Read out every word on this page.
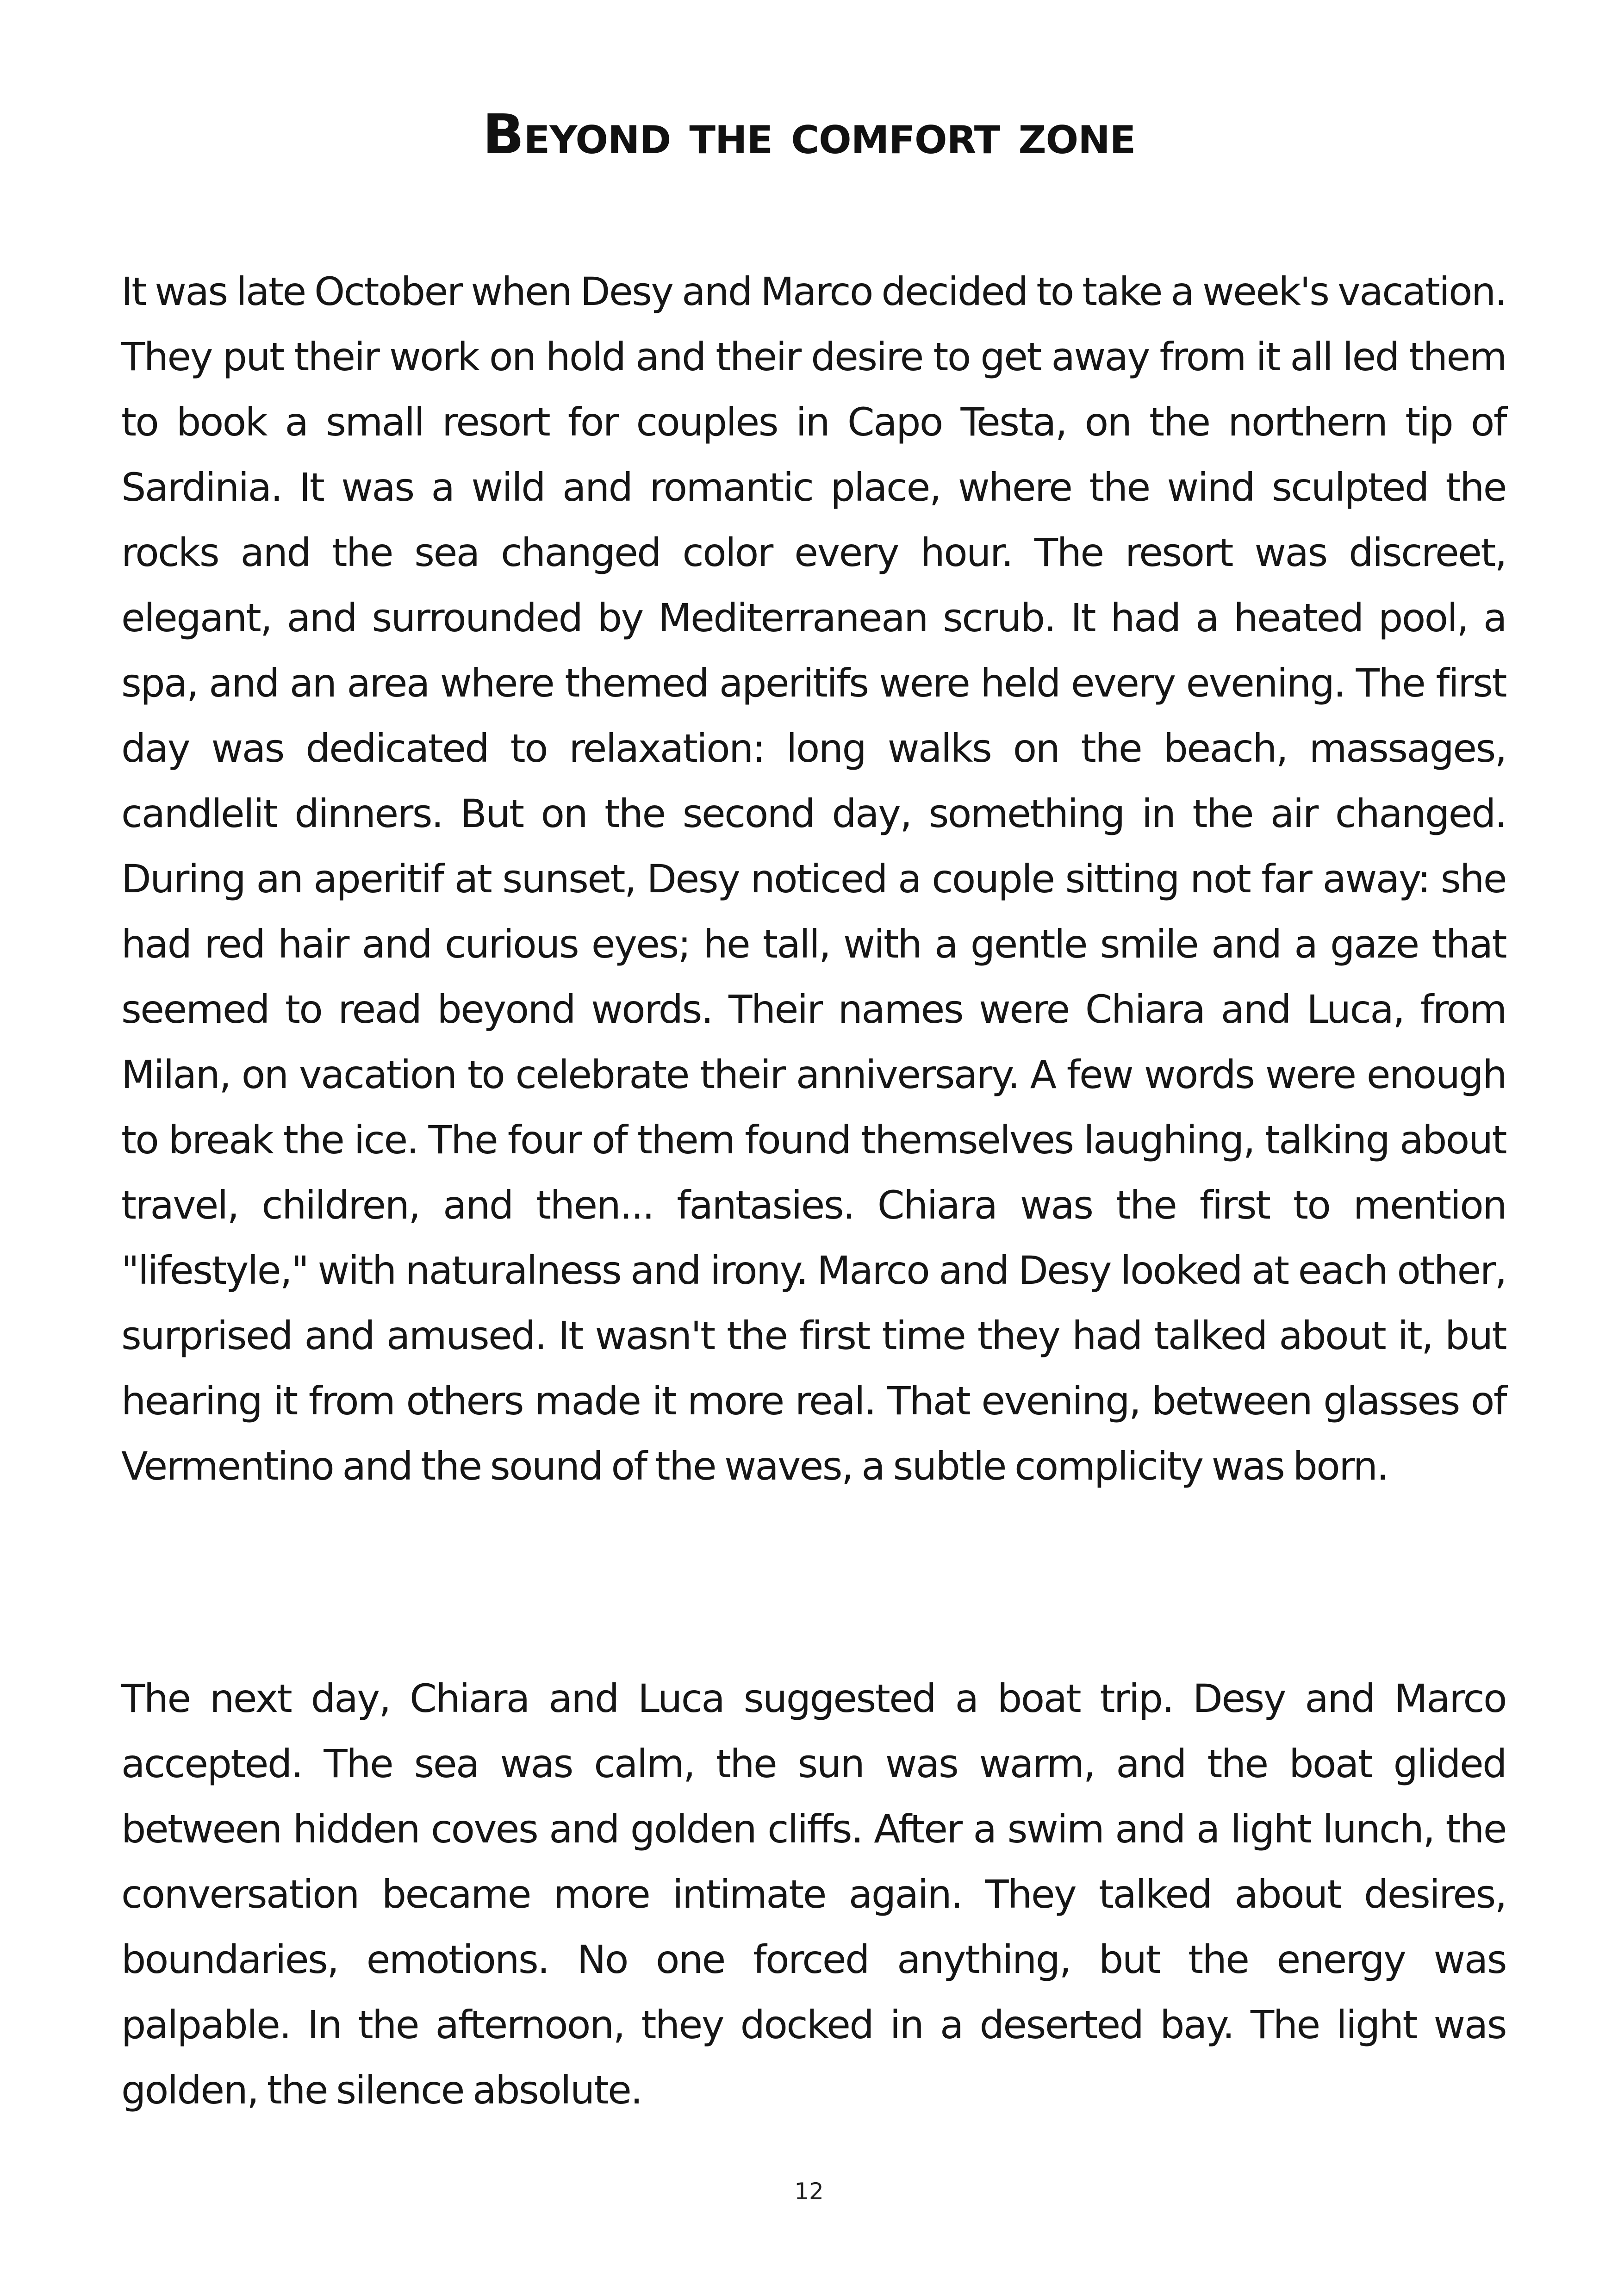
Beyond the comfort zone

It was late October when Desy and Marco decided to take a week's vacation. They put their work on hold and their desire to get away from it all led them to book a small resort for couples in Capo Testa, on the northern tip of Sardinia. It was a wild and romantic place, where the wind sculpted the rocks and the sea changed color every hour. The resort was discreet, elegant, and surrounded by Mediterranean scrub. It had a heated pool, a spa, and an area where themed aperitifs were held every evening. The first day was dedicated to relaxation: long walks on the beach, massages, candlelit dinners. But on the second day, something in the air changed. During an aperitif at sunset, Desy noticed a couple sitting not far away: she had red hair and curious eyes; he tall, with a gentle smile and a gaze that seemed to read beyond words. Their names were Chiara and Luca, from Milan, on vacation to celebrate their anniversary. A few words were enough to break the ice. The four of them found themselves laughing, talking about travel, children, and then... fantasies. Chiara was the first to mention "lifestyle," with naturalness and irony. Marco and Desy looked at each other, surprised and amused. It wasn't the first time they had talked about it, but hearing it from others made it more real. That evening, between glasses of Vermentino and the sound of the waves, a subtle complicity was born.

The next day, Chiara and Luca suggested a boat trip. Desy and Marco accepted. The sea was calm, the sun was warm, and the boat glided between hidden coves and golden cliffs. After a swim and a light lunch, the conversation became more intimate again. They talked about desires, boundaries, emotions. No one forced anything, but the energy was palpable. In the afternoon, they docked in a deserted bay. The light was golden, the silence absolute.

12
